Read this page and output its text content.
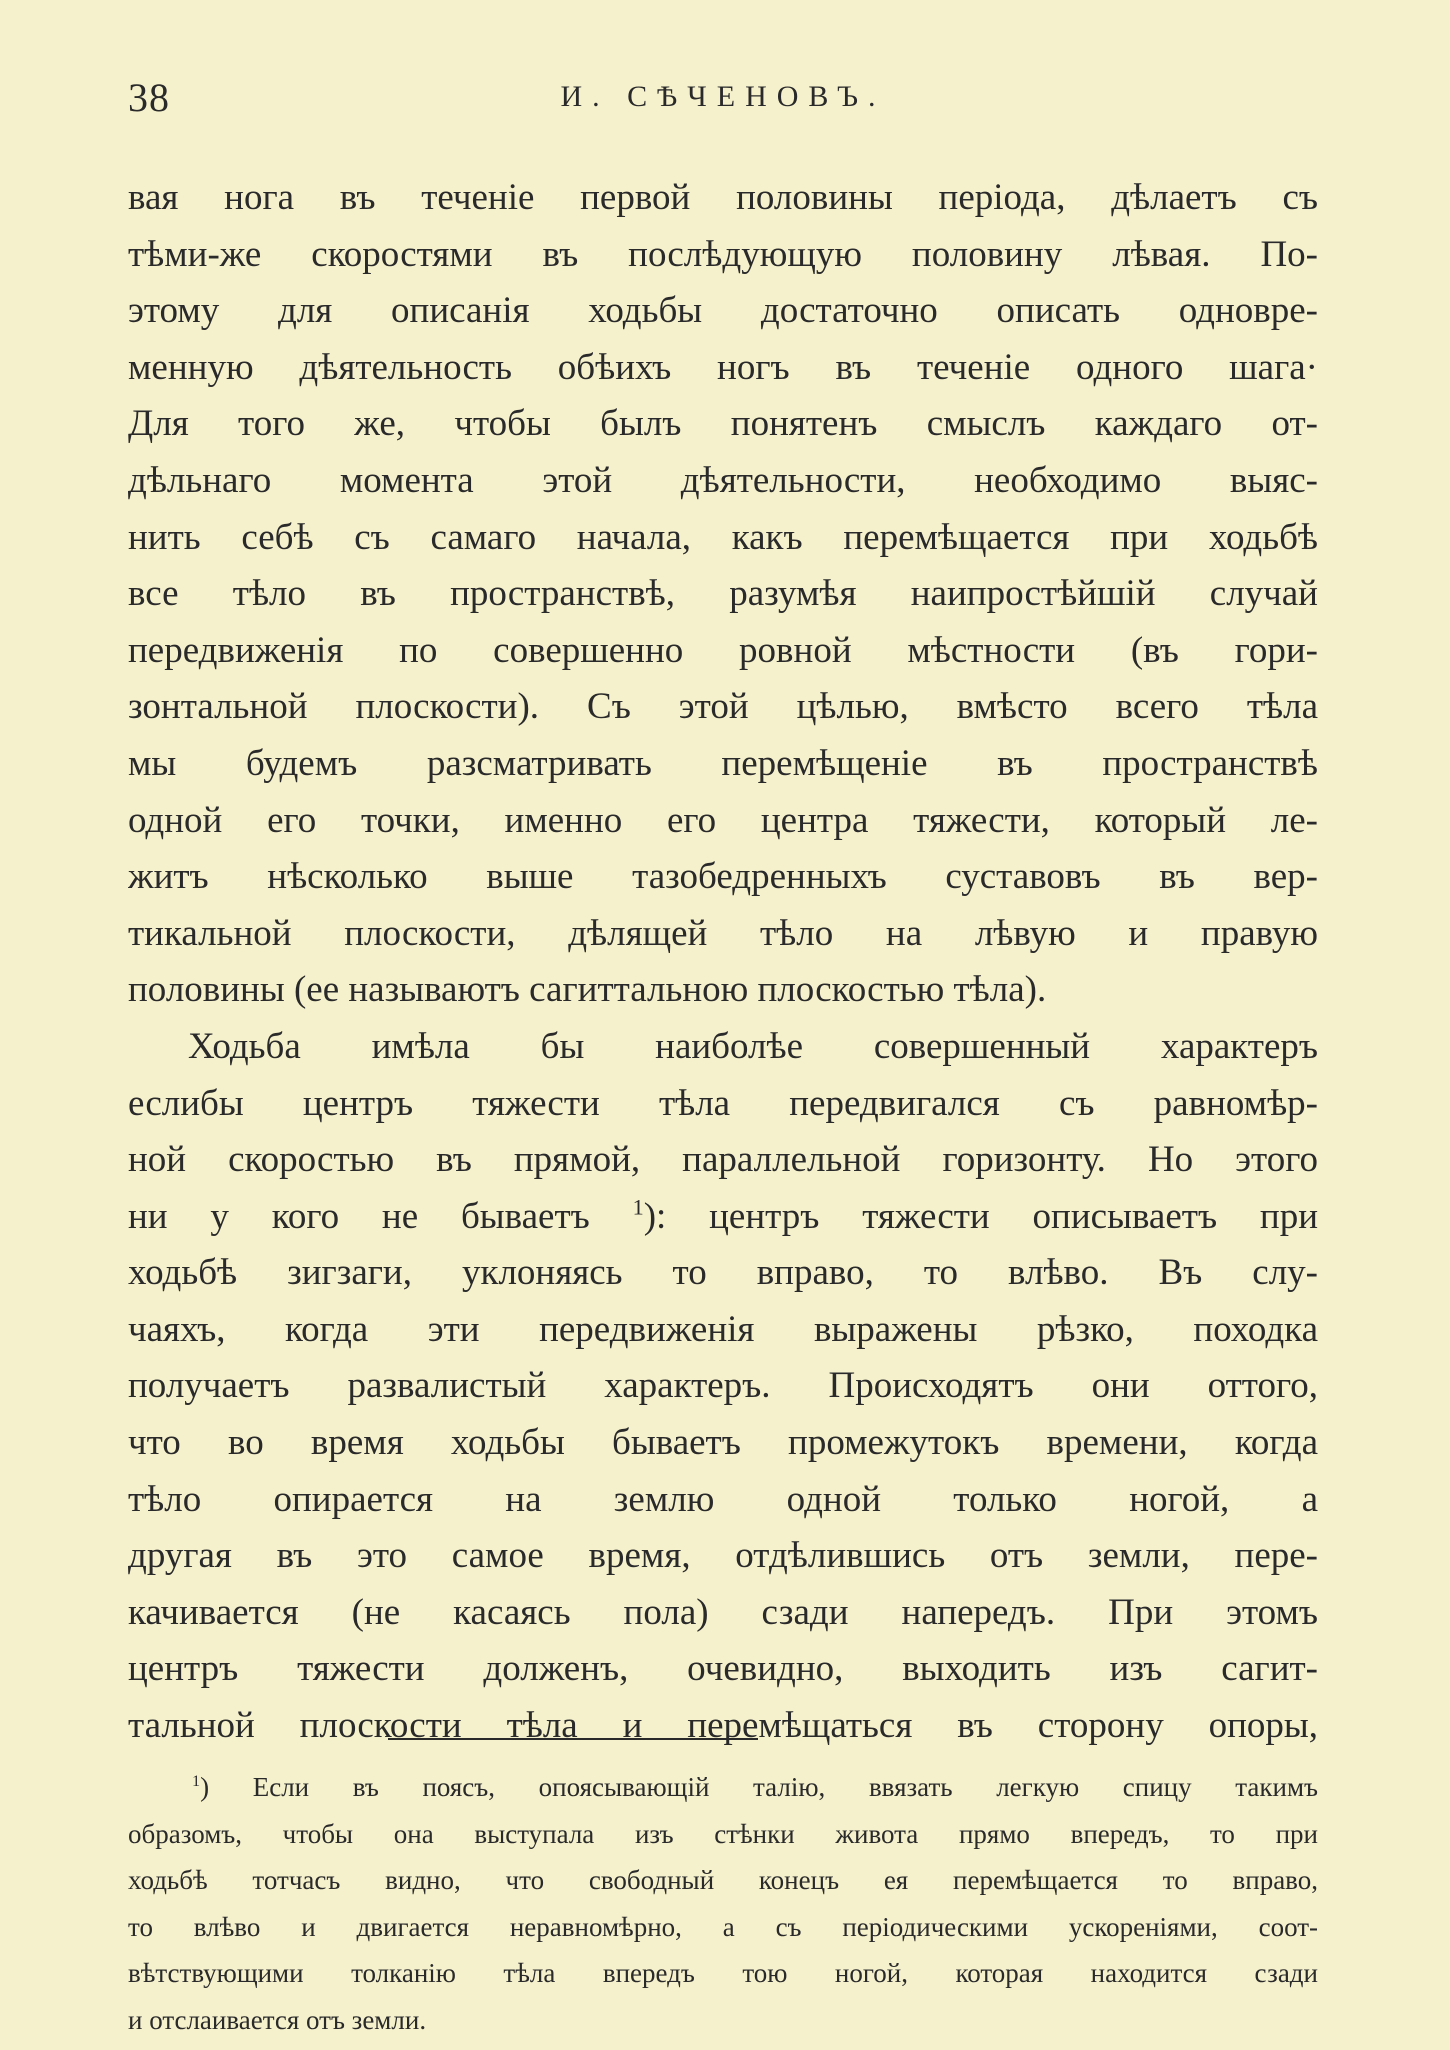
38	И. СѢЧЕНОВЪ.
вая нога въ теченіе первой половины періода, дѣлаетъ съ
тѣми-же скоростями въ послѣдующую половину лѣвая. По-
этому для описанія ходьбы достаточно описать одновре-
менную дѣятельность обѣихъ ногъ въ теченіе одного шага·
Для того же, чтобы былъ понятенъ смыслъ каждаго от-
дѣльнаго момента этой дѣятельности, необходимо выяс-
нить себѣ съ самаго начала, какъ перемѣщается при ходьбѣ
все тѣло въ пространствѣ, разумѣя наипростѣйшій случай
передвиженія по совершенно ровной мѣстности (въ гори-
зонтальной плоскости). Съ этой цѣлью, вмѣсто всего тѣла
мы будемъ разсматривать перемѣщеніе въ пространствѣ
одной его точки, именно его центра тяжести, который ле-
житъ нѣсколько выше тазобедренныхъ суставовъ въ вер-
тикальной плоскости, дѣлящей тѣло на лѣвую и правую
половины (ее называютъ сагиттальною плоскостью тѣла).
Ходьба имѣла бы наиболѣе совершенный характеръ
еслибы центръ тяжести тѣла передвигался съ равномѣр-
ной скоростью въ прямой, параллельной горизонту. Но этого
ни у кого не бываетъ $^1$): центръ тяжести описываетъ при
ходьбѣ зигзаги, уклоняясь то вправо, то влѣво. Въ слу-
чаяхъ, когда эти передвиженія выражены рѣзко, походка
получаетъ развалистый характеръ. Происходятъ они оттого,
что во время ходьбы бываетъ промежутокъ времени, когда
тѣло опирается на землю одной только ногой, а
другая въ это самое время, отдѣлившись отъ земли, пере-
качивается (не касаясь пола) сзади напередъ. При этомъ
центръ тяжести долженъ, очевидно, выходить изъ сагит-
тальной плоскости тѣла и перемѣщаться въ сторону опоры,
$^1$) Если въ поясъ, опоясывающій талію, ввязать легкую спицу такимъ
образомъ, чтобы она выступала изъ стѣнки живота прямо впередъ, то при
ходьбѣ тотчасъ видно, что свободный конецъ ея перемѣщается то вправо,
то влѣво и двигается неравномѣрно, а съ періодическими ускореніями, соот-
вѣтствующими толканію тѣла впередъ тою ногой, которая находится сзади
и отслаивается отъ земли.
